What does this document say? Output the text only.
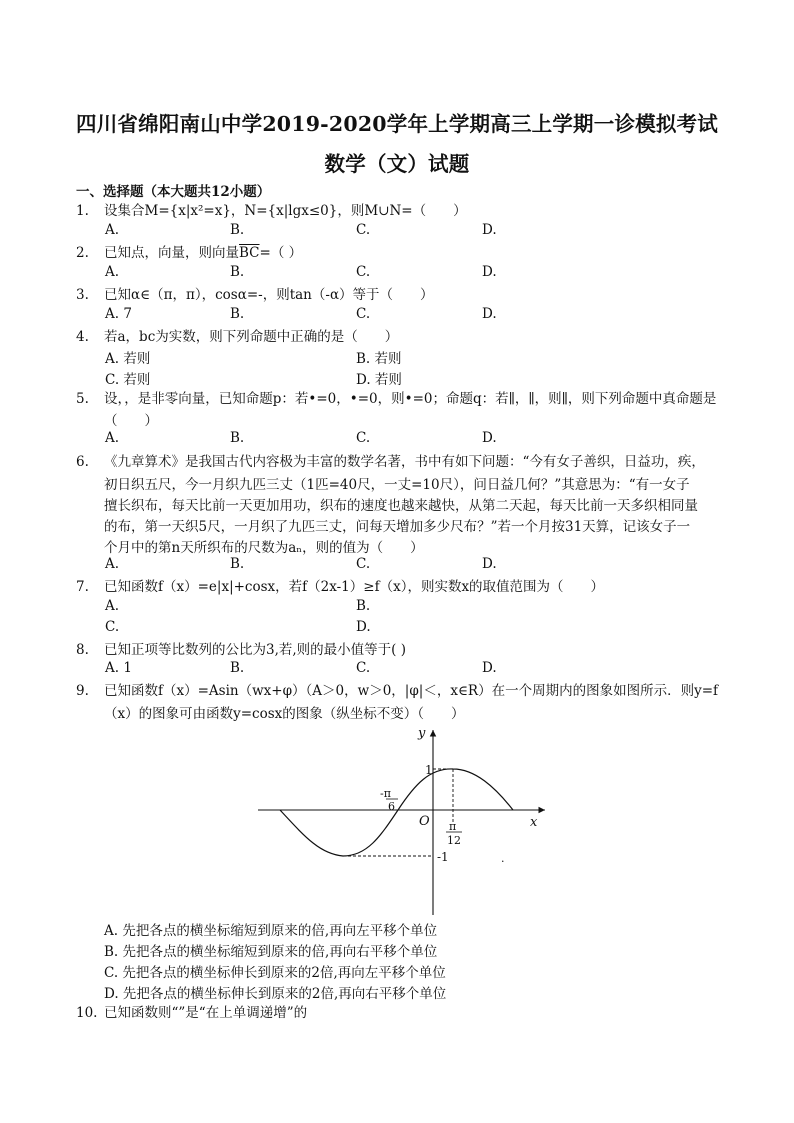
四川省绵阳南山中学2019-2020学年上学期高三上学期一诊模拟考试
数学（文）试题
一、选择题（本大题共12小题）
1. 设集合M={x|x²=x}，N={x|lgx≤0}，则M∪N=（　　）
A.	B.	C.	D.
2. 已知点，向量，则向量$\overline{BC}=$（ ）
A.	B.	C.	D.
3. 已知α∈（π，π），cosα=-，则tan（-α）等于（　　）
A. 7	B.	C.	D.
4. 若a，bc为实数，则下列命题中正确的是（　　）
A. 若则	B. 若则
C. 若则	D. 若则
5. 设，，是非零向量，已知命题p：若•=0，•=0，则•=0；命题q：若∥，∥，则∥，则下列命题中真命题是
（　　）
A.	B.	C.	D.
6. 《九章算术》是我国古代内容极为丰富的数学名著，书中有如下问题：“今有女子善织，日益功，疾，
初日织五尺，今一月织九匹三丈（1匹=40尺，一丈=10尺），问日益几何？”其意思为：“有一女子
擅长织布，每天比前一天更加用功，织布的速度也越来越快，从第二天起，每天比前一天多织相同量
的布，第一天织5尺，一月织了九匹三丈，问每天增加多少尺布？”若一个月按31天算，记该女子一
个月中的第n天所织布的尺数为aₙ，则的值为（　　）
A.	B.	C.	D.
7. 已知函数f（x）=e|x|+cosx，若f（2x-1）≥f（x），则实数x的取值范围为（　　）
A.	B.
C.	D.
8. 已知正项等比数列的公比为3,若,则的最小值等于( )
A. 1	B.	C.	D.
9. 已知函数f（x）=Asin（wx+φ）（A＞0，w＞0，|φ|＜，x∈R）在一个周期内的图象如图所示．则y=f
（x）的图象可由函数y=cosx的图象（纵坐标不变）（　　）
y
x
O
1
-1
-π
6
π
12
.
A. 先把各点的横坐标缩短到原来的倍,再向左平移个单位
B. 先把各点的横坐标缩短到原来的倍,再向右平移个单位
C. 先把各点的横坐标伸长到原来的2倍,再向左平移个单位
D. 先把各点的横坐标伸长到原来的2倍,再向右平移个单位
10. 已知函数则“”是“在上单调递增”的
